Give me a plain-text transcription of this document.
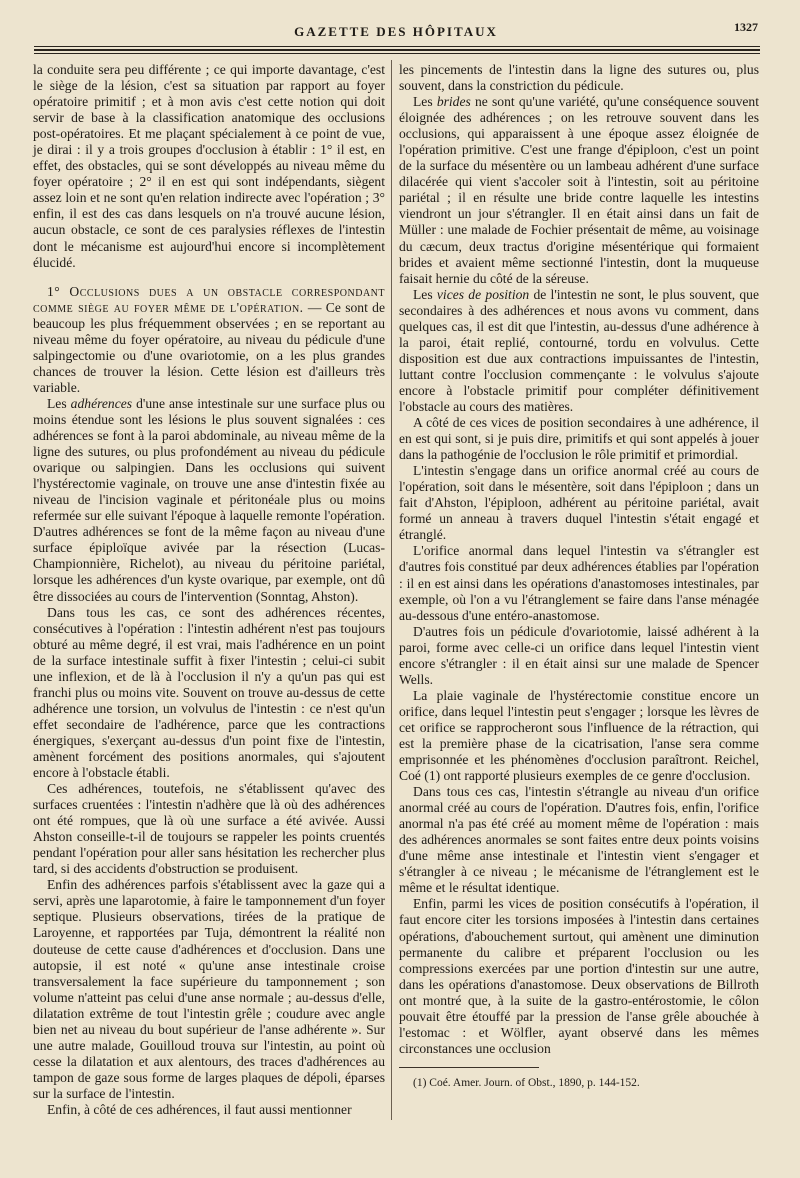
GAZETTE DES HÔPITAUX	1327

la conduite sera peu différente ; ce qui importe davantage, c'est le siège de la lésion, c'est sa situation par rapport au foyer opératoire primitif ; et à mon avis c'est cette notion qui doit servir de base à la classification anatomique des occlusions post-opératoires. Et me plaçant spécialement à ce point de vue, je dirai : il y a trois groupes d'occlusion à établir : 1° il est, en effet, des obstacles, qui se sont développés au niveau même du foyer opératoire ; 2° il en est qui sont indépendants, siègent assez loin et ne sont qu'en relation indirecte avec l'opération ; 3° enfin, il est des cas dans lesquels on n'a trouvé aucune lésion, aucun obstacle, ce sont de ces paralysies réflexes de l'intestin dont le mécanisme est aujourd'hui encore si incomplètement élucidé.

1° Occlusions dues a un obstacle correspondant comme siège au foyer même de l'opération. — Ce sont de beaucoup les plus fréquemment observées ; en se reportant au niveau même du foyer opératoire, au niveau du pédicule d'une salpingectomie ou d'une ovariotomie, on a les plus grandes chances de trouver la lésion. Cette lésion est d'ailleurs très variable.

Les adhérences d'une anse intestinale sur une surface plus ou moins étendue sont les lésions le plus souvent signalées : ces adhérences se font à la paroi abdominale, au niveau même de la ligne des sutures, ou plus profondément au niveau du pédicule ovarique ou salpingien. Dans les occlusions qui suivent l'hystérectomie vaginale, on trouve une anse d'intestin fixée au niveau de l'incision vaginale et péritonéale plus ou moins refermée sur elle suivant l'époque à laquelle remonte l'opération. D'autres adhérences se font de la même façon au niveau d'une surface épiploïque avivée par la résection (Lucas-Championnière, Richelot), au niveau du péritoine pariétal, lorsque les adhérences d'un kyste ovarique, par exemple, ont dû être dissociées au cours de l'intervention (Sonntag, Ahston).

Dans tous les cas, ce sont des adhérences récentes, consécutives à l'opération : l'intestin adhérent n'est pas toujours obturé au même degré, il est vrai, mais l'adhérence en un point de la surface intestinale suffit à fixer l'intestin ; celui-ci subit une inflexion, et de là à l'occlusion il n'y a qu'un pas qui est franchi plus ou moins vite. Souvent on trouve au-dessus de cette adhérence une torsion, un volvulus de l'intestin : ce n'est qu'un effet secondaire de l'adhérence, parce que les contractions énergiques, s'exerçant au-dessus d'un point fixe de l'intestin, amènent forcément des positions anormales, qui s'ajoutent encore à l'obstacle établi.

Ces adhérences, toutefois, ne s'établissent qu'avec des surfaces cruentées : l'intestin n'adhère que là où des adhérences ont été rompues, que là où une surface a été avivée. Aussi Ahston conseille-t-il de toujours se rappeler les points cruentés pendant l'opération pour aller sans hésitation les rechercher plus tard, si des accidents d'obstruction se produisent.

Enfin des adhérences parfois s'établissent avec la gaze qui a servi, après une laparotomie, à faire le tamponnement d'un foyer septique. Plusieurs observations, tirées de la pratique de Laroyenne, et rapportées par Tuja, démontrent la réalité non douteuse de cette cause d'adhérences et d'occlusion. Dans une autopsie, il est noté « qu'une anse intestinale croise transversalement la face supérieure du tamponnement ; son volume n'atteint pas celui d'une anse normale ; au-dessus d'elle, dilatation extrême de tout l'intestin grêle ; coudure avec angle bien net au niveau du bout supérieur de l'anse adhérente ». Sur une autre malade, Gouilloud trouva sur l'intestin, au point où cesse la dilatation et aux alentours, des traces d'adhérences au tampon de gaze sous forme de larges plaques de dépoli, éparses sur la surface de l'intestin.

Enfin, à côté de ces adhérences, il faut aussi mentionner

les pincements de l'intestin dans la ligne des sutures ou, plus souvent, dans la constriction du pédicule.

Les brides ne sont qu'une variété, qu'une conséquence souvent éloignée des adhérences ; on les retrouve souvent dans les occlusions, qui apparaissent à une époque assez éloignée de l'opération primitive. C'est une frange d'épiploon, c'est un point de la surface du mésentère ou un lambeau adhérent d'une surface dilacérée qui vient s'accoler soit à l'intestin, soit au péritoine pariétal ; il en résulte une bride contre laquelle les intestins viendront un jour s'étrangler. Il en était ainsi dans un fait de Müller : une malade de Fochier présentait de même, au voisinage du cæcum, deux tractus d'origine mésentérique qui formaient brides et avaient même sectionné l'intestin, dont la muqueuse faisait hernie du côté de la séreuse.

Les vices de position de l'intestin ne sont, le plus souvent, que secondaires à des adhérences et nous avons vu comment, dans quelques cas, il est dit que l'intestin, au-dessus d'une adhérence à la paroi, était replié, contourné, tordu en volvulus. Cette disposition est due aux contractions impuissantes de l'intestin, luttant contre l'occlusion commençante : le volvulus s'ajoute encore à l'obstacle primitif pour compléter définitivement l'obstacle au cours des matières.

A côté de ces vices de position secondaires à une adhérence, il en est qui sont, si je puis dire, primitifs et qui sont appelés à jouer dans la pathogénie de l'occlusion le rôle primitif et primordial.

L'intestin s'engage dans un orifice anormal créé au cours de l'opération, soit dans le mésentère, soit dans l'épiploon ; dans un fait d'Ahston, l'épiploon, adhérent au péritoine pariétal, avait formé un anneau à travers duquel l'intestin s'était engagé et étranglé.

L'orifice anormal dans lequel l'intestin va s'étrangler est d'autres fois constitué par deux adhérences établies par l'opération : il en est ainsi dans les opérations d'anastomoses intestinales, par exemple, où l'on a vu l'étranglement se faire dans l'anse ménagée au-dessous d'une entéro-anastomose.

D'autres fois un pédicule d'ovariotomie, laissé adhérent à la paroi, forme avec celle-ci un orifice dans lequel l'intestin vient encore s'étrangler : il en était ainsi sur une malade de Spencer Wells.

La plaie vaginale de l'hystérectomie constitue encore un orifice, dans lequel l'intestin peut s'engager ; lorsque les lèvres de cet orifice se rapprocheront sous l'influence de la rétraction, qui est la première phase de la cicatrisation, l'anse sera comme emprisonnée et les phénomènes d'occlusion paraîtront. Reichel, Coé (1) ont rapporté plusieurs exemples de ce genre d'occlusion.

Dans tous ces cas, l'intestin s'étrangle au niveau d'un orifice anormal créé au cours de l'opération. D'autres fois, enfin, l'orifice anormal n'a pas été créé au moment même de l'opération : mais des adhérences anormales se sont faites entre deux points voisins d'une même anse intestinale et l'intestin vient s'engager et s'étrangler à ce niveau ; le mécanisme de l'étranglement est le même et le résultat identique.

Enfin, parmi les vices de position consécutifs à l'opération, il faut encore citer les torsions imposées à l'intestin dans certaines opérations, d'abouchement surtout, qui amènent une diminution permanente du calibre et préparent l'occlusion ou les compressions exercées par une portion d'intestin sur une autre, dans les opérations d'anastomose. Deux observations de Billroth ont montré que, à la suite de la gastro-entérostomie, le côlon pouvait être étouffé par la pression de l'anse grêle abouchée à l'estomac : et Wölfler, ayant observé dans les mêmes circonstances une occlusion

(1) Coé. Amer. Journ. of Obst., 1890, p. 144-152.
